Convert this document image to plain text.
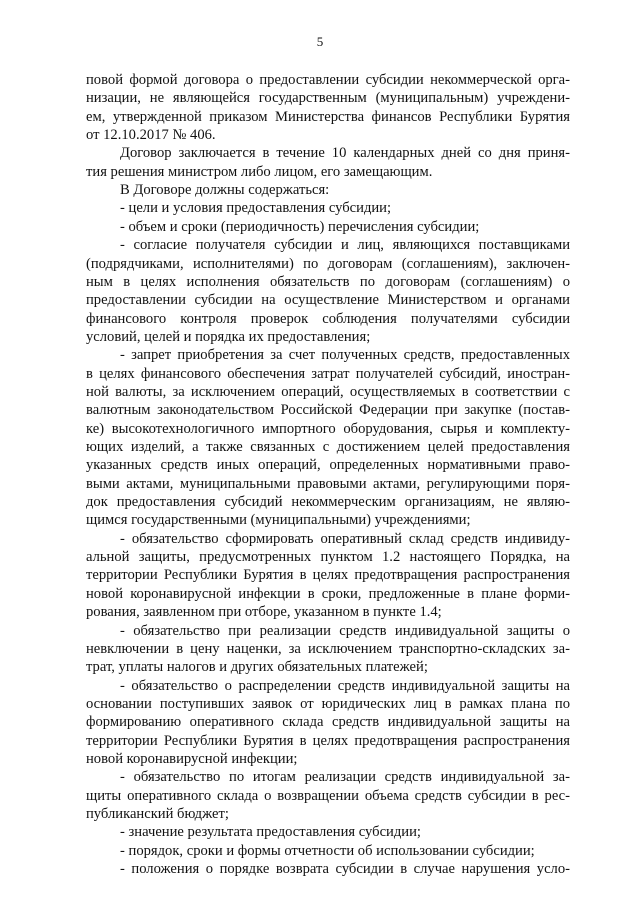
5
повой формой договора о предоставлении субсидии некоммерческой орга-
низации, не являющейся государственным (муниципальным) учреждени-
ем, утвержденной приказом Министерства финансов Республики Бурятия
от 12.10.2017 № 406.
Договор заключается в течение 10 календарных дней со дня приня-
тия решения министром либо лицом, его замещающим.
В Договоре должны содержаться:
- цели и условия предоставления субсидии;
- объем и сроки (периодичность) перечисления субсидии;
- согласие получателя субсидии и лиц, являющихся поставщиками
(подрядчиками, исполнителями) по договорам (соглашениям), заключен-
ным в целях исполнения обязательств по договорам (соглашениям) о
предоставлении субсидии на осуществление Министерством и органами
финансового контроля проверок соблюдения получателями субсидии
условий, целей и порядка их предоставления;
- запрет приобретения за счет полученных средств, предоставленных
в целях финансового обеспечения затрат получателей субсидий, иностран-
ной валюты, за исключением операций, осуществляемых в соответствии с
валютным законодательством Российской Федерации при закупке (постав-
ке) высокотехнологичного импортного оборудования, сырья и комплекту-
ющих изделий, а также связанных с достижением целей предоставления
указанных средств иных операций, определенных нормативными право-
выми актами, муниципальными правовыми актами, регулирующими поря-
док предоставления субсидий некоммерческим организациям, не являю-
щимся государственными (муниципальными) учреждениями;
- обязательство сформировать оперативный склад средств индивиду-
альной защиты, предусмотренных пунктом 1.2 настоящего Порядка, на
территории Республики Бурятия в целях предотвращения распространения
новой коронавирусной инфекции в сроки, предложенные в плане форми-
рования, заявленном при отборе, указанном в пункте 1.4;
- обязательство при реализации средств индивидуальной защиты о
невключении в цену наценки, за исключением транспортно-складских за-
трат, уплаты налогов и других обязательных платежей;
- обязательство о распределении средств индивидуальной защиты на
основании поступивших заявок от юридических лиц в рамках плана по
формированию оперативного склада средств индивидуальной защиты на
территории Республики Бурятия в целях предотвращения распространения
новой коронавирусной инфекции;
- обязательство по итогам реализации средств индивидуальной за-
щиты оперативного склада о возвращении объема средств субсидии в рес-
публиканский бюджет;
- значение результата предоставления субсидии;
- порядок, сроки и формы отчетности об использовании субсидии;
- положения о порядке возврата субсидии в случае нарушения усло-
